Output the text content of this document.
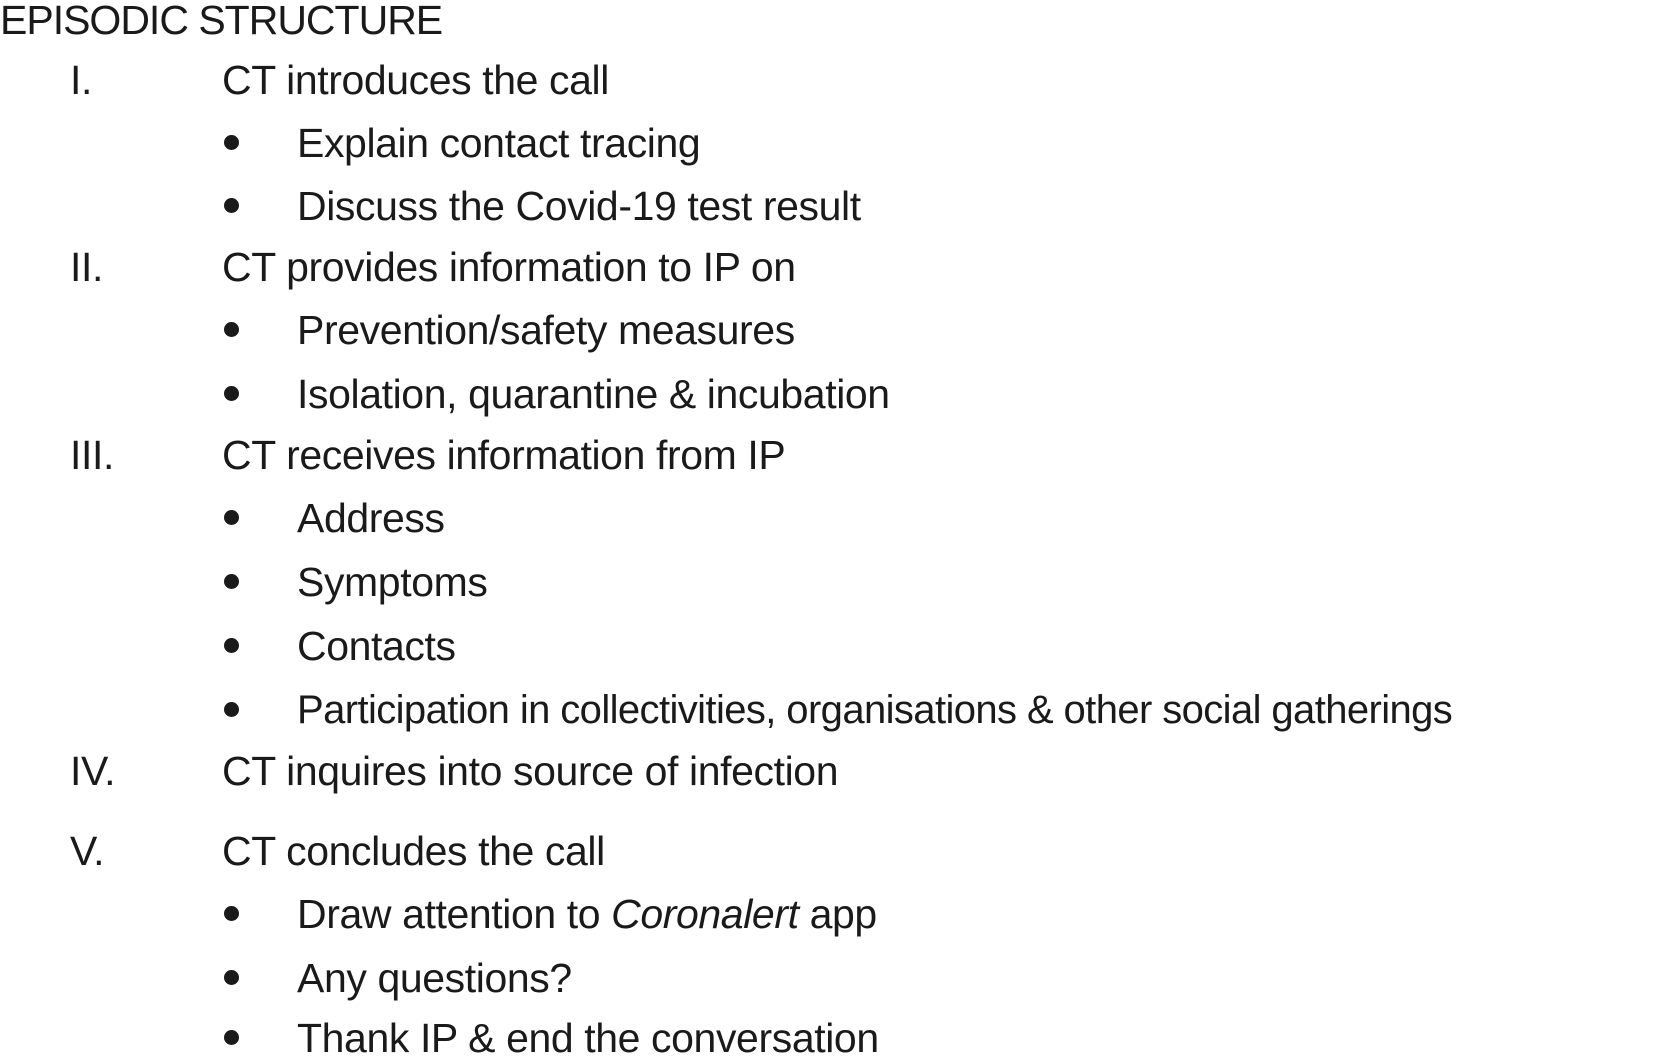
EPISODIC STRUCTURE
I.	CT introduces the call
Explain contact tracing
Discuss the Covid-19 test result
II.	CT provides information to IP on
Prevention/safety measures
Isolation, quarantine & incubation
III.	CT receives information from IP
Address
Symptoms
Contacts
Participation in collectivities, organisations & other social gatherings
IV.	CT inquires into source of infection
V.	CT concludes the call
Draw attention to Coronalert app
Any questions?
Thank IP & end the conversation
